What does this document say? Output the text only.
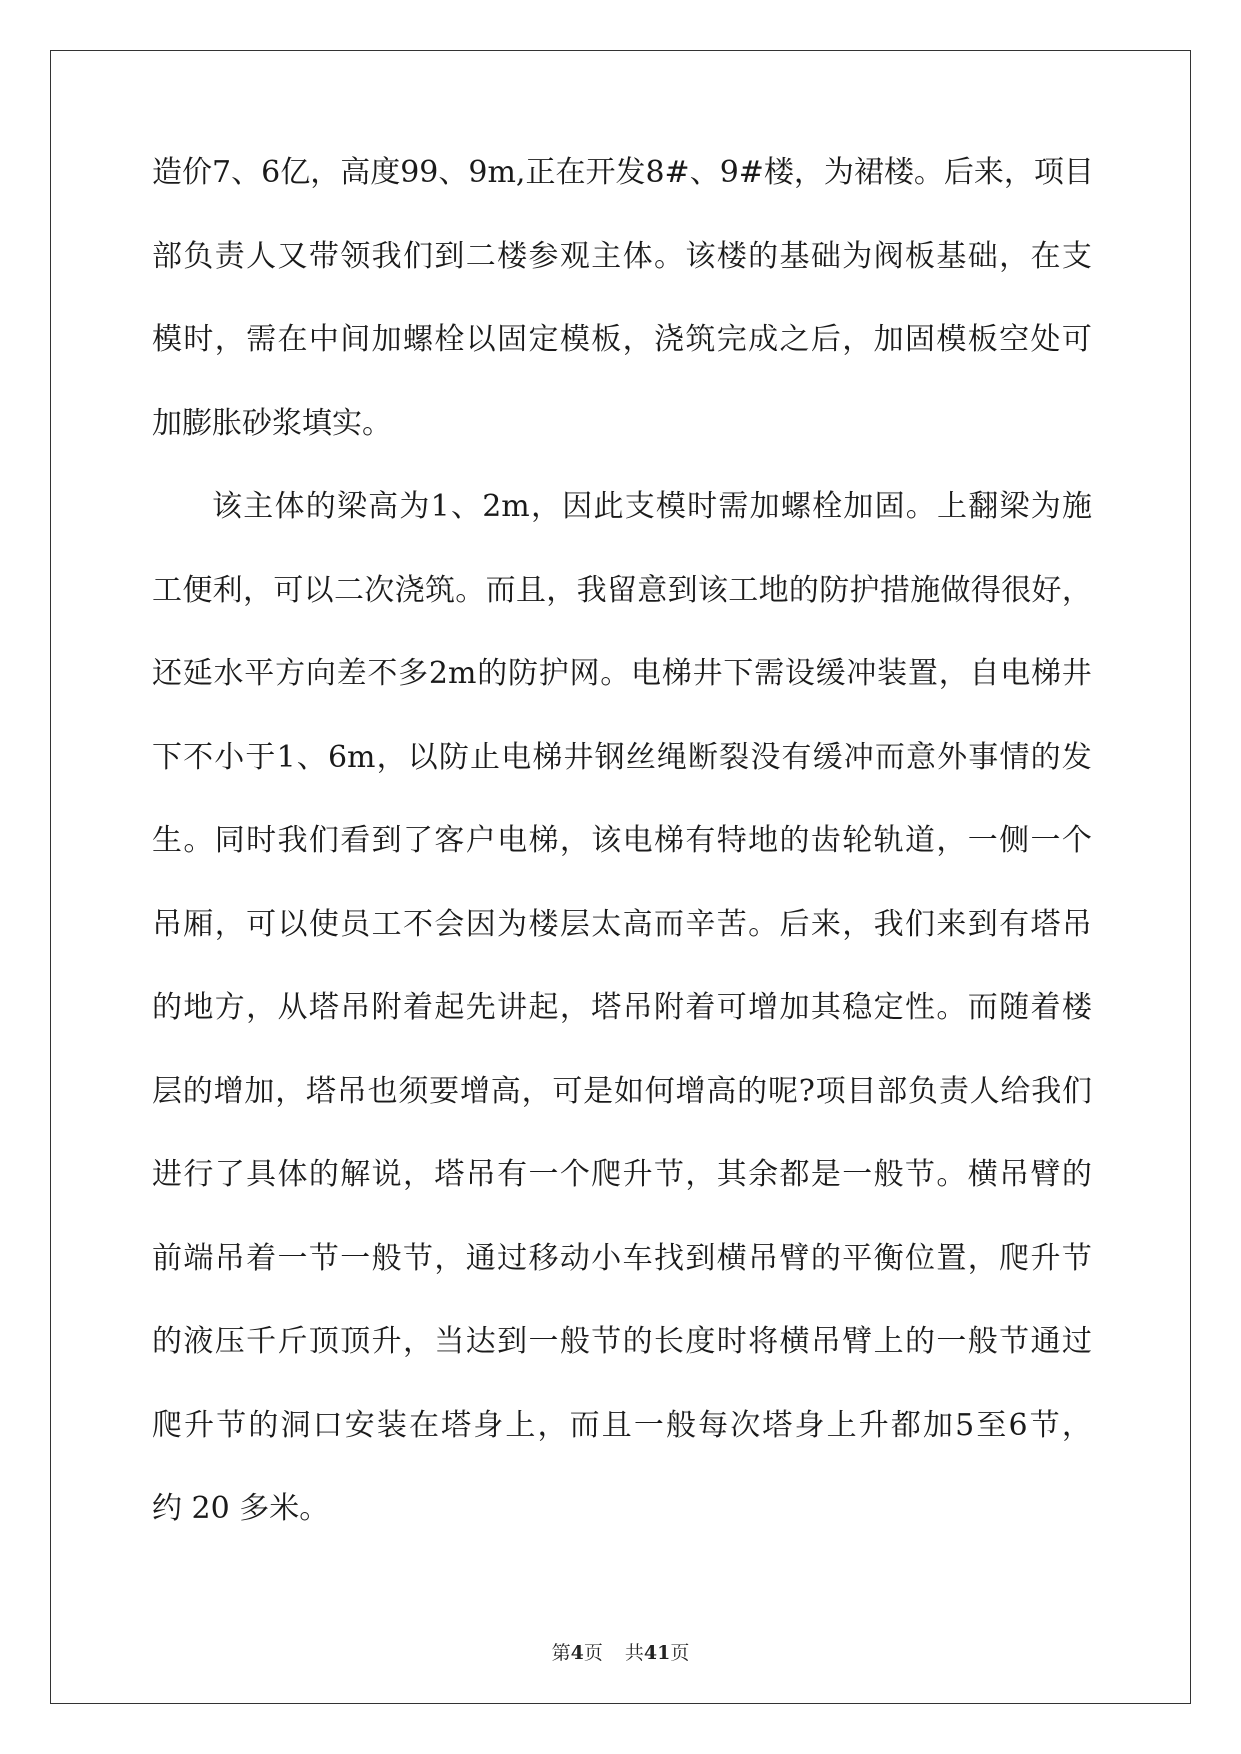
造 价 7 、 6 亿 ， 高 度 99 、 9m, 正 在 开 发 8# 、 9# 楼 ， 为 裙 楼 。 后 来 ， 项 目
部 负 责 人 又 带 领 我 们 到 二 楼 参 观 主 体 。 该 楼 的 基 础 为 阀 板 基 础 ， 在 支
模 时 ， 需 在 中 间 加 螺 栓 以 固 定 模 板 ， 浇 筑 完 成 之 后 ， 加 固 模 板 空 处 可
加膨胀砂浆填实。
该 主 体 的 梁 高 为 1 、 2m ， 因 此 支 模 时 需 加 螺 栓 加 固 。 上 翻 梁 为 施
工 便 利 ， 可 以 二 次 浇 筑 。 而 且 ， 我 留 意 到 该 工 地 的 防 护 措 施 做 得 很 好 ，
还 延 水 平 方 向 差 不 多 2m 的 防 护 网 。 电 梯 井 下 需 设 缓 冲 装 置 ， 自 电 梯 井
下 不 小 于 1 、 6m ， 以 防 止 电 梯 井 钢 丝 绳 断 裂 没 有 缓 冲 而 意 外 事 情 的 发
生 。 同 时 我 们 看 到 了 客 户 电 梯 ， 该 电 梯 有 特 地 的 齿 轮 轨 道 ， 一 侧 一 个
吊 厢 ， 可 以 使 员 工 不 会 因 为 楼 层 太 高 而 辛 苦 。 后 来 ， 我 们 来 到 有 塔 吊
的 地 方 ， 从 塔 吊 附 着 起 先 讲 起 ， 塔 吊 附 着 可 增 加 其 稳 定 性 。 而 随 着 楼
层 的 增 加 ， 塔 吊 也 须 要 增 高 ， 可 是 如 何 增 高 的 呢 ? 项 目 部 负 责 人 给 我 们
进 行 了 具 体 的 解 说 ， 塔 吊 有 一 个 爬 升 节 ， 其 余 都 是 一 般 节 。 横 吊 臂 的
前 端 吊 着 一 节 一 般 节 ， 通 过 移 动 小 车 找 到 横 吊 臂 的 平 衡 位 置 ， 爬 升 节
的 液 压 千 斤 顶 顶 升 ， 当 达 到 一 般 节 的 长 度 时 将 横 吊 臂 上 的 一 般 节 通 过
爬 升 节 的 洞 口 安 装 在 塔 身 上 ， 而 且 一 般 每 次 塔 身 上 升 都 加 5 至 6 节 ，
约 20 多米。
第4页 共41页
